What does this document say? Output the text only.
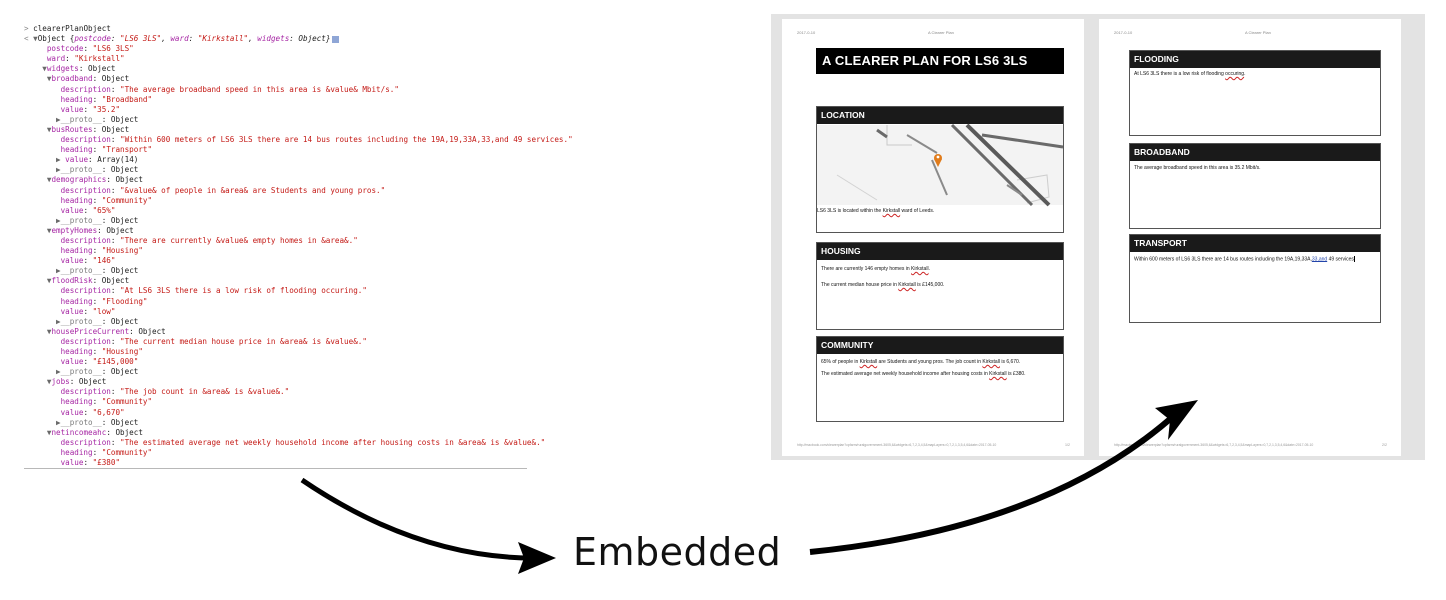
> clearerPlanObject
< ▼Object {postcode: "LS6 3LS", ward: "Kirkstall", widgets: Object}
postcode: "LS6 3LS"
ward: "Kirkstall"
▼widgets: Object
▼broadband: Object
description: "The average broadband speed in this area is &value& Mbit/s."
heading: "Broadband"
value: "35.2"
▶__proto__: Object
▼busRoutes: Object
description: "Within 600 meters of LS6 3LS there are 14 bus routes including the 19A,19,33A,33,and 49 services."
heading: "Transport"
▶ value: Array(14)
▶__proto__: Object
▼demographics: Object
description: "&value& of people in &area& are Students and young pros."
heading: "Community"
value: "65%"
▶__proto__: Object
▼emptyHomes: Object
description: "There are currently &value& empty homes in &area&."
heading: "Housing"
value: "146"
▶__proto__: Object
▼floodRisk: Object
description: "At LS6 3LS there is a low risk of flooding occuring."
heading: "Flooding"
value: "low"
▶__proto__: Object
▼housePriceCurrent: Object
description: "The current median house price in &area& is &value&."
heading: "Housing"
value: "£145,000"
▶__proto__: Object
▼jobs: Object
description: "The job count in &area& is &value&."
heading: "Community"
value: "6,670"
▶__proto__: Object
▼netincomeahc: Object
description: "The estimated average net weekly household income after housing costs in &area& is &value&."
heading: "Community"
value: "£380"
2017-0-10	A Clearer Plan
A CLEARER PLAN FOR LS6 3LS
LOCATION
LS6 3LS is located within the Kirkstall ward of Leeds.
HOUSING

There are currently 146 empty homes in Kirkstall.

The current median house price in Kirkstall is £145,000.

COMMUNITY

65% of people in Kirkstall are Students and young pros. The job count in Kirkstall is 6,670.

The estimated average net weekly household income after housing costs in Kirkstall is £380.

http://macbook.com/clearerplan?cpfarm/ruralgovernment-3605,6&widgets=6,7,2,3,4,5&mapLayers=0,7,2,1,3,5,4,6&date=2017-05-10	1/2
2017-0-10	A Clearer Plan
FLOODING
At LS6 3LS there is a low risk of flooding occuring.
BROADBAND
The average broadband speed in this area is 35.2 Mbit/s.
TRANSPORT
Within 600 meters of LS6 3LS there are 14 bus routes including the 19A,19,33A,33,and 49 services
http://macbook.com/clearerplan?cpfarm/ruralgovernment-3605,6&widgets=6,7,2,3,4,5&mapLayers=0,7,2,1,3,5,4,6&date=2017-05-10	2/2
Embedded
